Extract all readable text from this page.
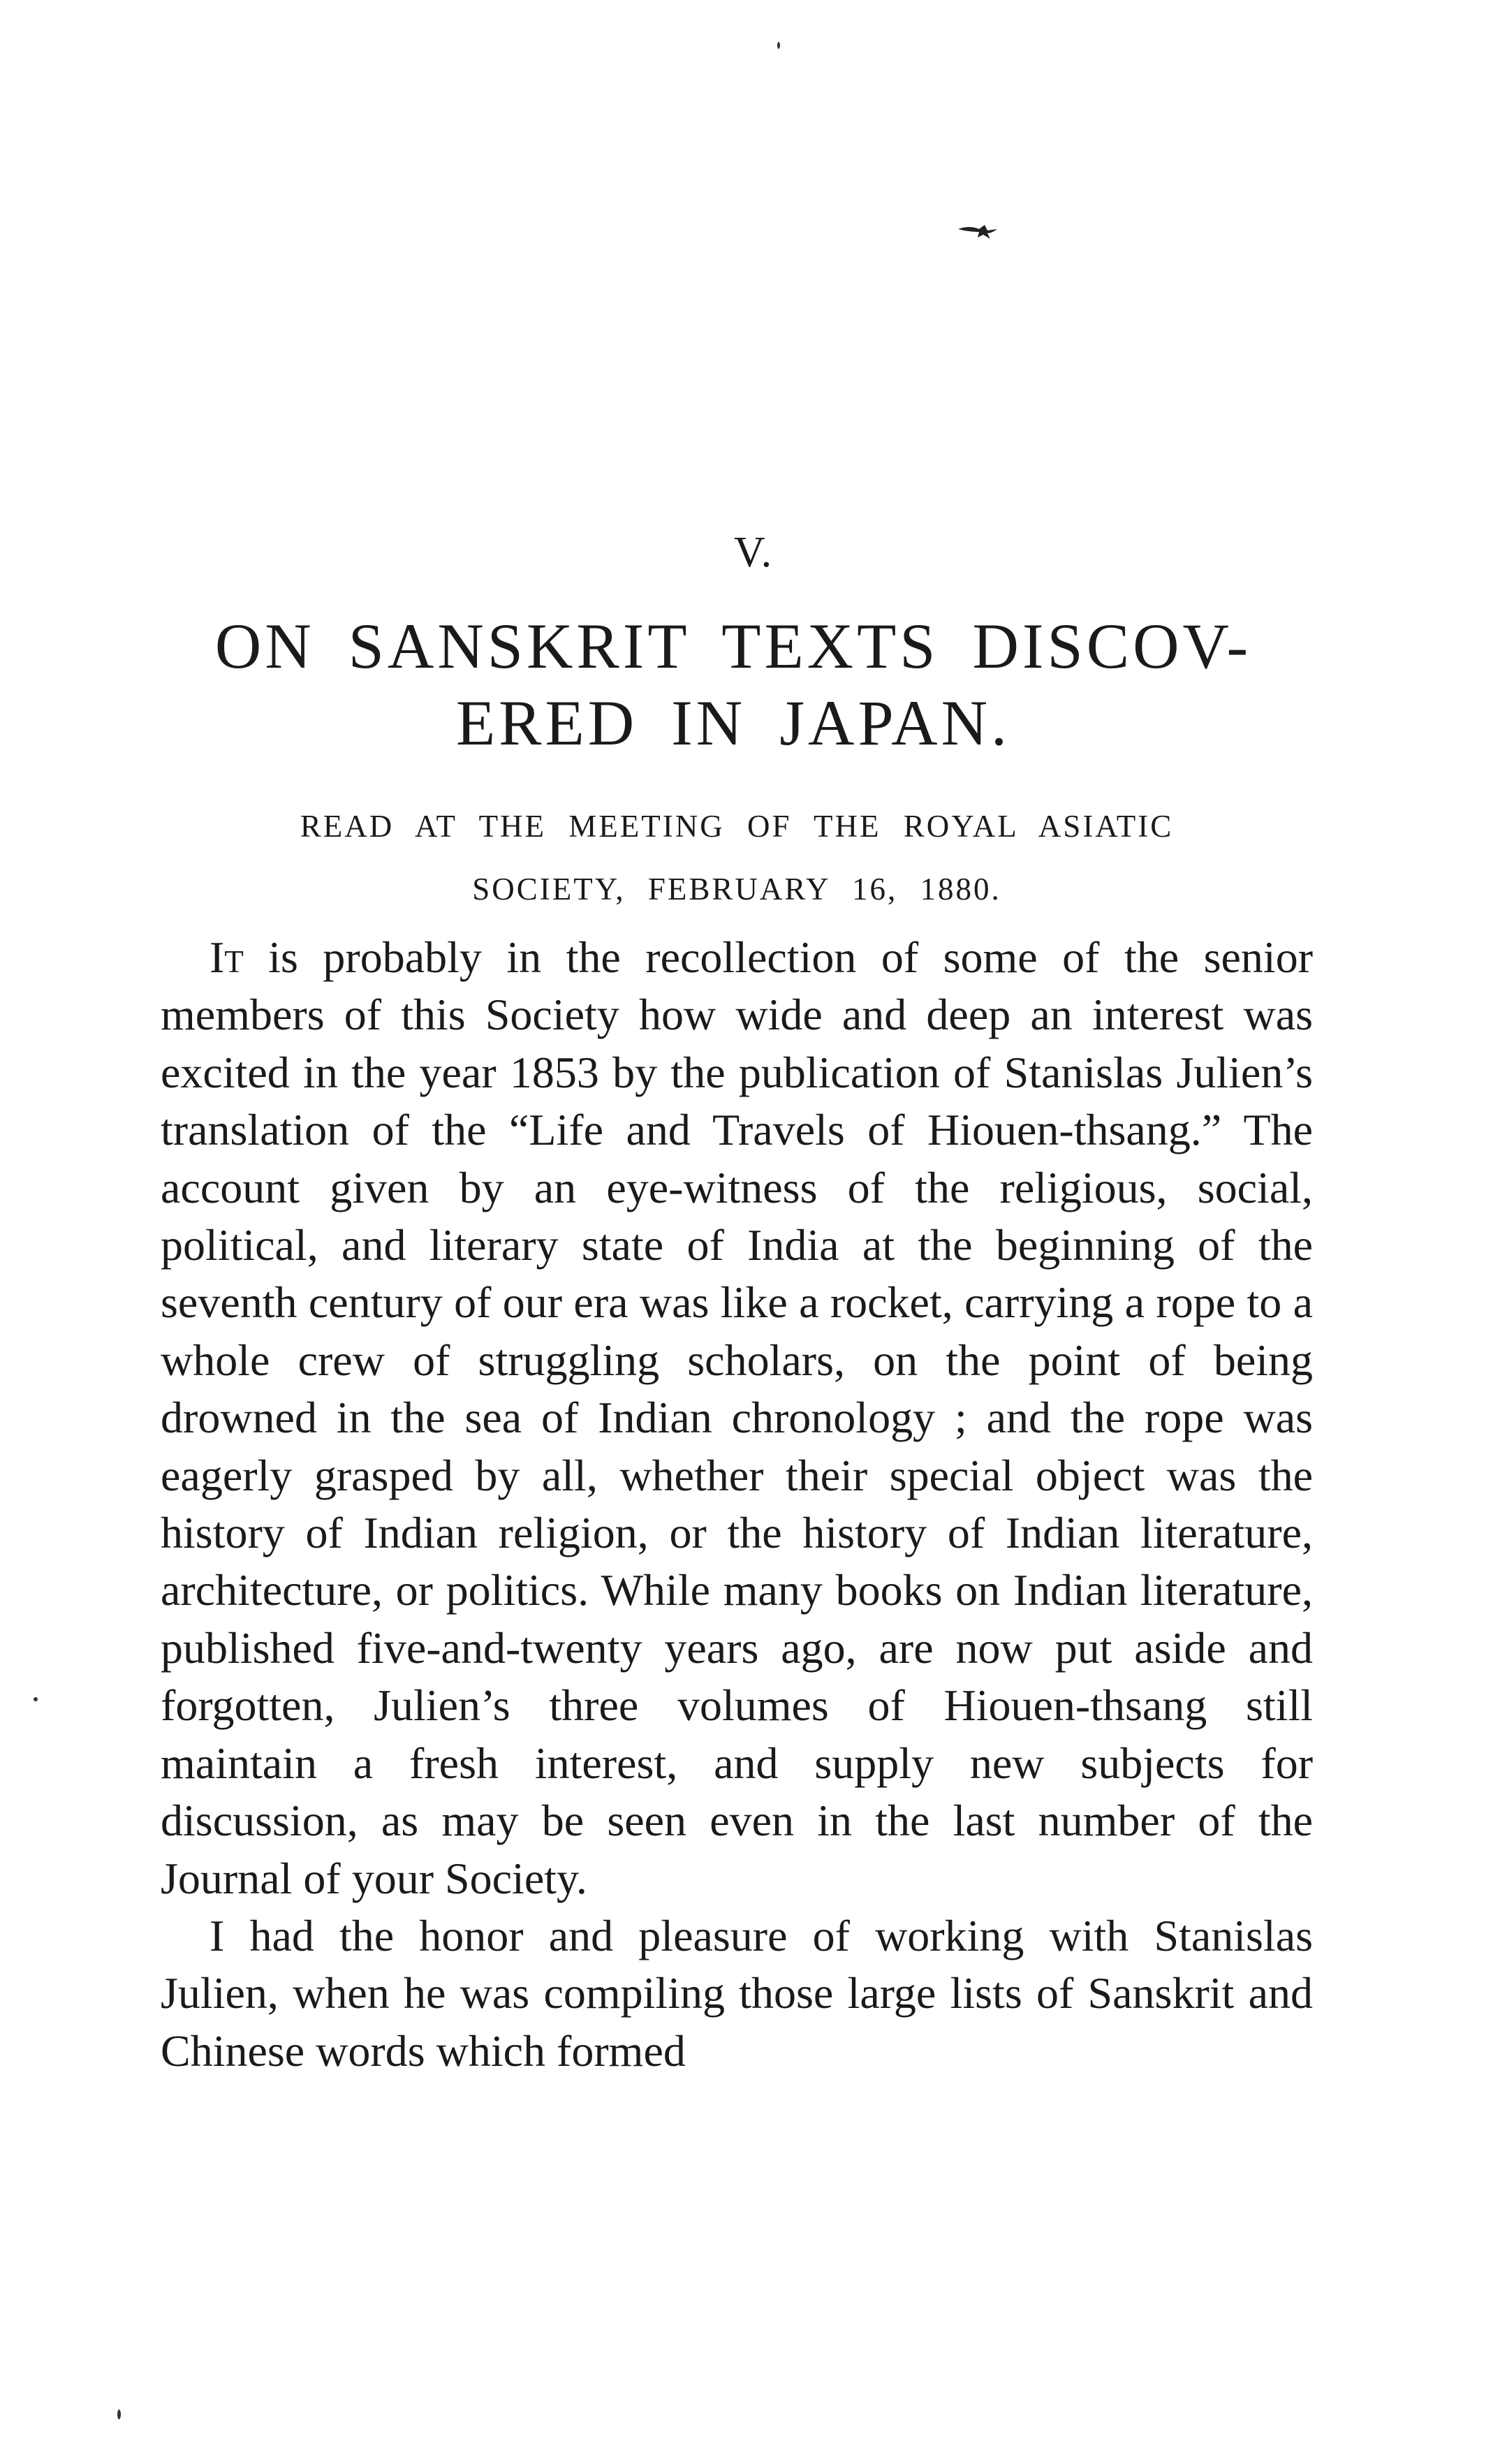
V.
ON SANSKRIT TEXTS DISCOV-
ERED IN JAPAN.
READ AT THE MEETING OF THE ROYAL ASIATIC
SOCIETY, FEBRUARY 16, 1880.

It is probably in the recollection of some of the senior members of this Society how wide and deep an interest was excited in the year 1853 by the publication of Stanislas Julien’s translation of the “Life and Travels of Hiouen-thsang.” The account given by an eye-witness of the religious, social, political, and literary state of India at the beginning of the seventh century of our era was like a rocket, carrying a rope to a whole crew of struggling scholars, on the point of being drowned in the sea of Indian chronology ; and the rope was eagerly grasped by all, whether their special object was the history of Indian religion, or the history of Indian literature, architecture, or politics. While many books on Indian literature, published five-and-twenty years ago, are now put aside and forgotten, Julien’s three volumes of Hiouen-thsang still maintain a fresh interest, and supply new subjects for discussion, as may be seen even in the last number of the Journal of your Society.

I had the honor and pleasure of working with Stanislas Julien, when he was compiling those large lists of Sanskrit and Chinese words which formed
